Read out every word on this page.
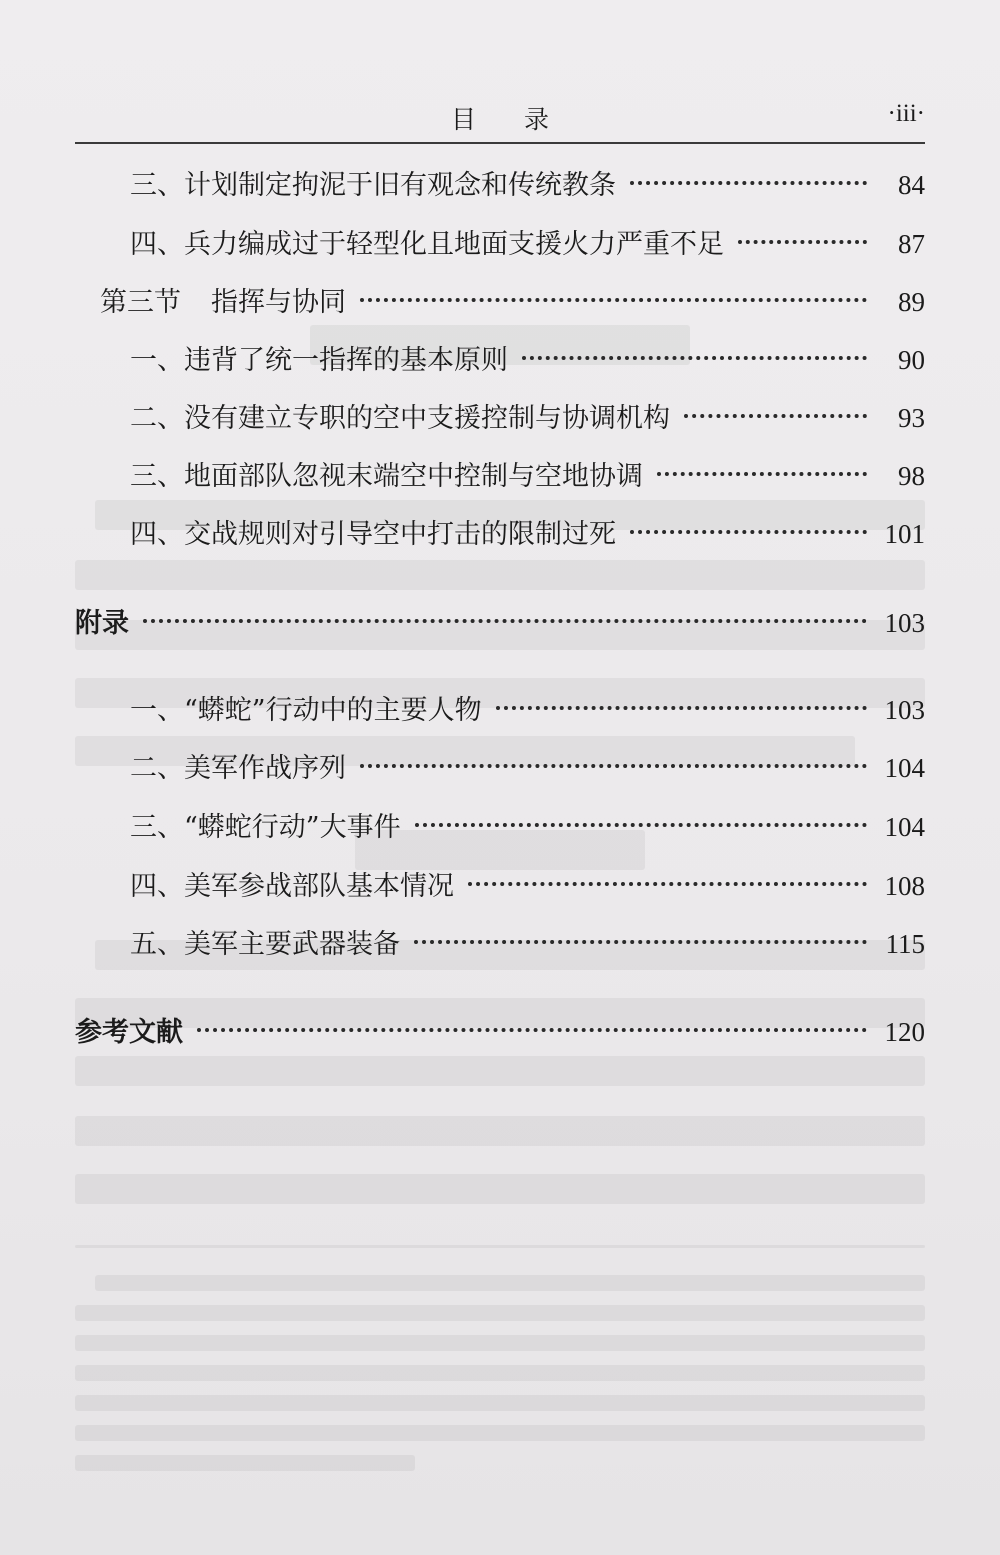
目录	·iii·
三、 计划制定拘泥于旧有观念和传统教条	84
四、 兵力编成过于轻型化且地面支援火力严重不足	87
第三节 指挥与协同	89
一、 违背了统一指挥的基本原则	90
二、 没有建立专职的空中支援控制与协调机构	93
三、 地面部队忽视末端空中控制与空地协调	98
四、 交战规则对引导空中打击的限制过死	101
附录	103
一、 “蟒蛇”行动中的主要人物	103
二、 美军作战序列	104
三、 “蟒蛇行动”大事件	104
四、 美军参战部队基本情况	108
五、 美军主要武器装备	115
参考文献	120
